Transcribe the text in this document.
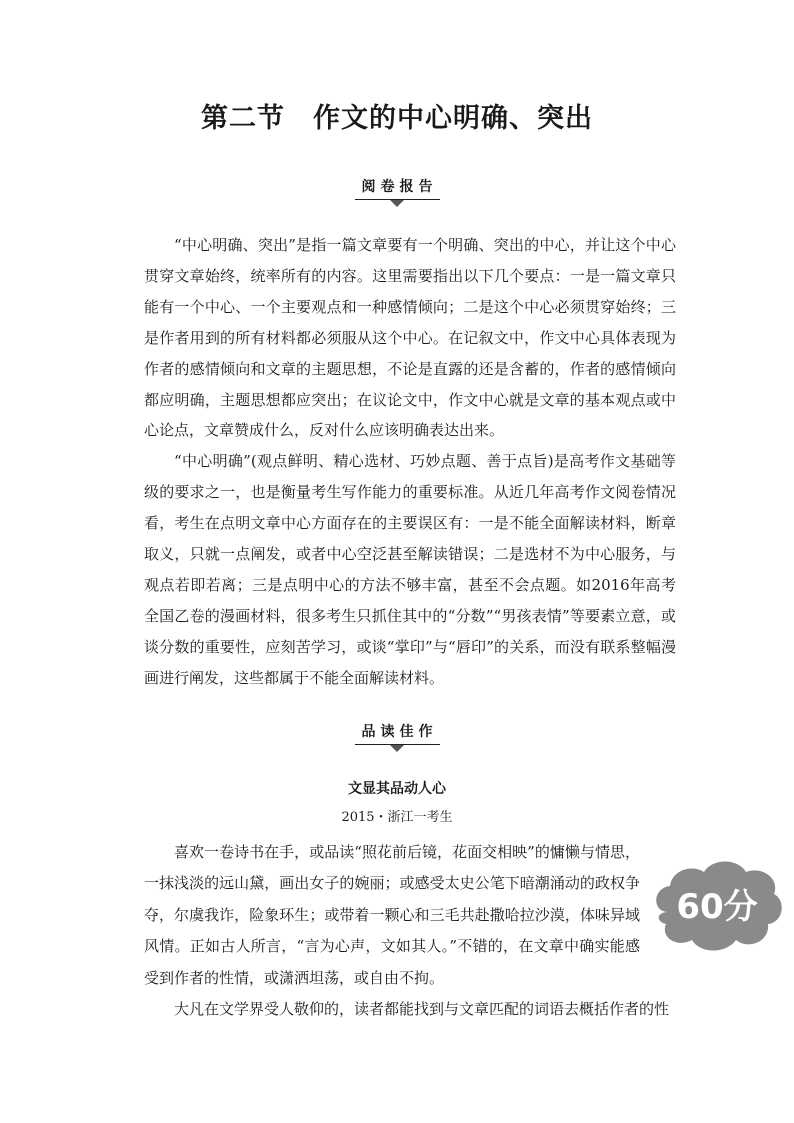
第二节　作文的中心明确、突出
阅卷报告

“中心明确、突出”是指一篇文章要有一个明确、突出的中心，并让这个中心贯穿文章始终，统率所有的内容。这里需要指出以下几个要点：一是一篇文章只能有一个中心、一个主要观点和一种感情倾向；二是这个中心必须贯穿始终；三是作者用到的所有材料都必须服从这个中心。在记叙文中，作文中心具体表现为作者的感情倾向和文章的主题思想，不论是直露的还是含蓄的，作者的感情倾向都应明确，主题思想都应突出；在议论文中，作文中心就是文章的基本观点或中心论点，文章赞成什么，反对什么应该明确表达出来。

“中心明确”(观点鲜明、精心选材、巧妙点题、善于点旨)是高考作文基础等级的要求之一，也是衡量考生写作能力的重要标准。从近几年高考作文阅卷情况看，考生在点明文章中心方面存在的主要误区有：一是不能全面解读材料，断章取义，只就一点阐发，或者中心空泛甚至解读错误；二是选材不为中心服务，与观点若即若离；三是点明中心的方法不够丰富，甚至不会点题。如2016年高考全国乙卷的漫画材料，很多考生只抓住其中的“分数”“男孩表情”等要素立意，或谈分数的重要性，应刻苦学习，或谈“掌印”与“唇印”的关系，而没有联系整幅漫画进行阐发，这些都属于不能全面解读材料。

品读佳作
文显其品动人心
2015・浙江一考生

喜欢一卷诗书在手，或品读“照花前后镜，花面交相映”的慵懒与情思，一抹浅淡的远山黛，画出女子的婉丽；或感受太史公笔下暗潮涌动的政权争夺，尔虞我诈，险象环生；或带着一颗心和三毛共赴撒哈拉沙漠，体味异域风情。正如古人所言，“言为心声，文如其人。”不错的，在文章中确实能感受到作者的性情，或潇洒坦荡，或自由不拘。

大凡在文学界受人敬仰的，读者都能找到与文章匹配的词语去概括作者的性

60分
